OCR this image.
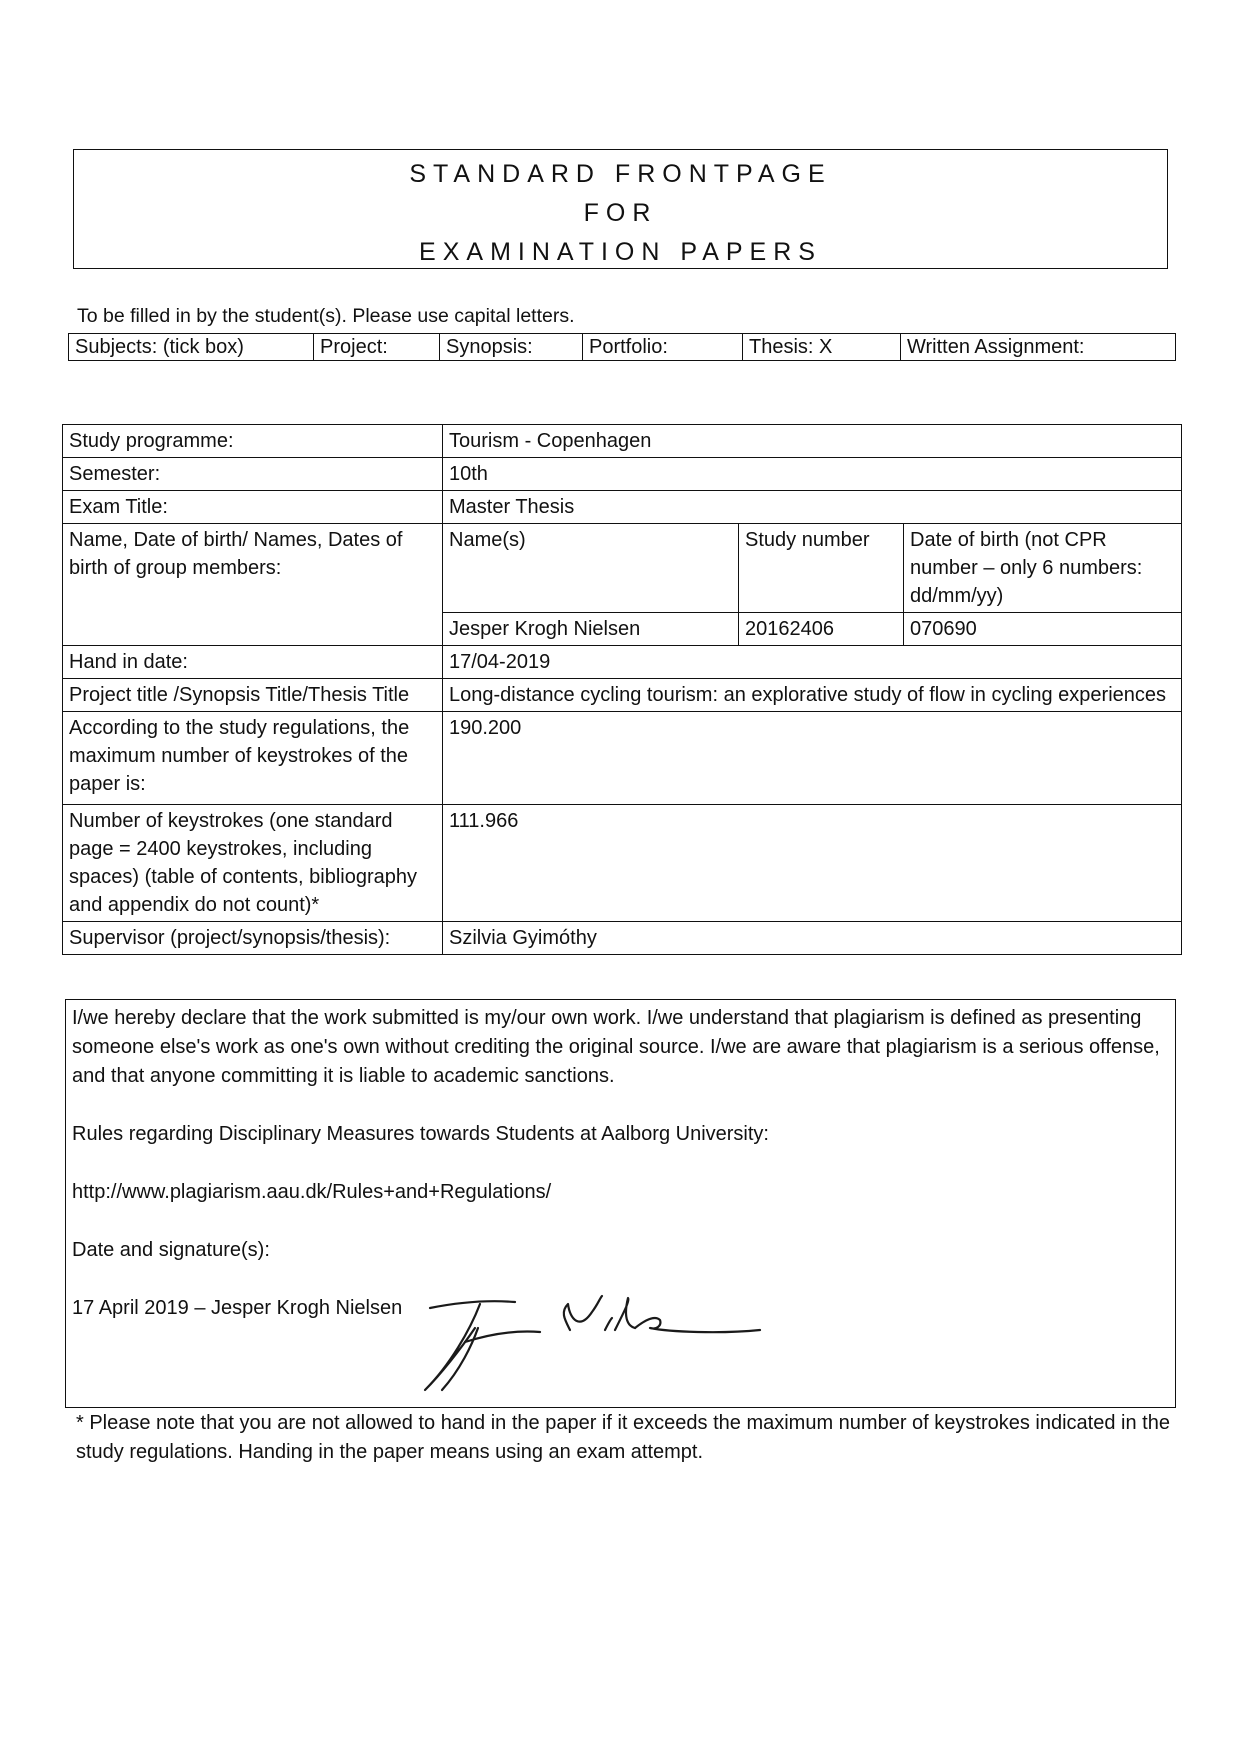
STANDARD FRONTPAGE
FOR
EXAMINATION PAPERS
To be filled in by the student(s). Please use capital letters.
Subjects: (tick box)	Project:	Synopsis:	Portfolio:	Thesis: X	Written Assignment:
Study programme:	Tourism - Copenhagen		
Semester:	10th		
Exam Title:	Master Thesis		
Name, Date of birth/ Names, Dates of birth of group members:	Name(s)	Study number	Date of birth (not CPR number – only 6 numbers: dd/mm/yy)
	Jesper Krogh Nielsen	20162406	070690
Hand in date:	17/04-2019		
Project title /Synopsis Title/Thesis Title	Long-distance cycling tourism: an explorative study of flow in cycling experiences		
According to the study regulations, the maximum number of keystrokes of the paper is:	190.200		
Number of keystrokes (one standard page = 2400 keystrokes, including spaces) (table of contents, bibliography and appendix do not count)*	111.966		
Supervisor (project/synopsis/thesis):	Szilvia Gyimóthy		

I/we hereby declare that the work submitted is my/our own work. I/we understand that plagiarism is defined as presenting someone else's work as one's own without crediting the original source. I/we are aware that plagiarism is a serious offense, and that anyone committing it is liable to academic sanctions.

Rules regarding Disciplinary Measures towards Students at Aalborg University:

http://www.plagiarism.aau.dk/Rules+and+Regulations/

Date and signature(s):

17 April 2019 – Jesper Krogh Nielsen

* Please note that you are not allowed to hand in the paper if it exceeds the maximum number of keystrokes indicated in the study regulations. Handing in the paper means using an exam attempt.
